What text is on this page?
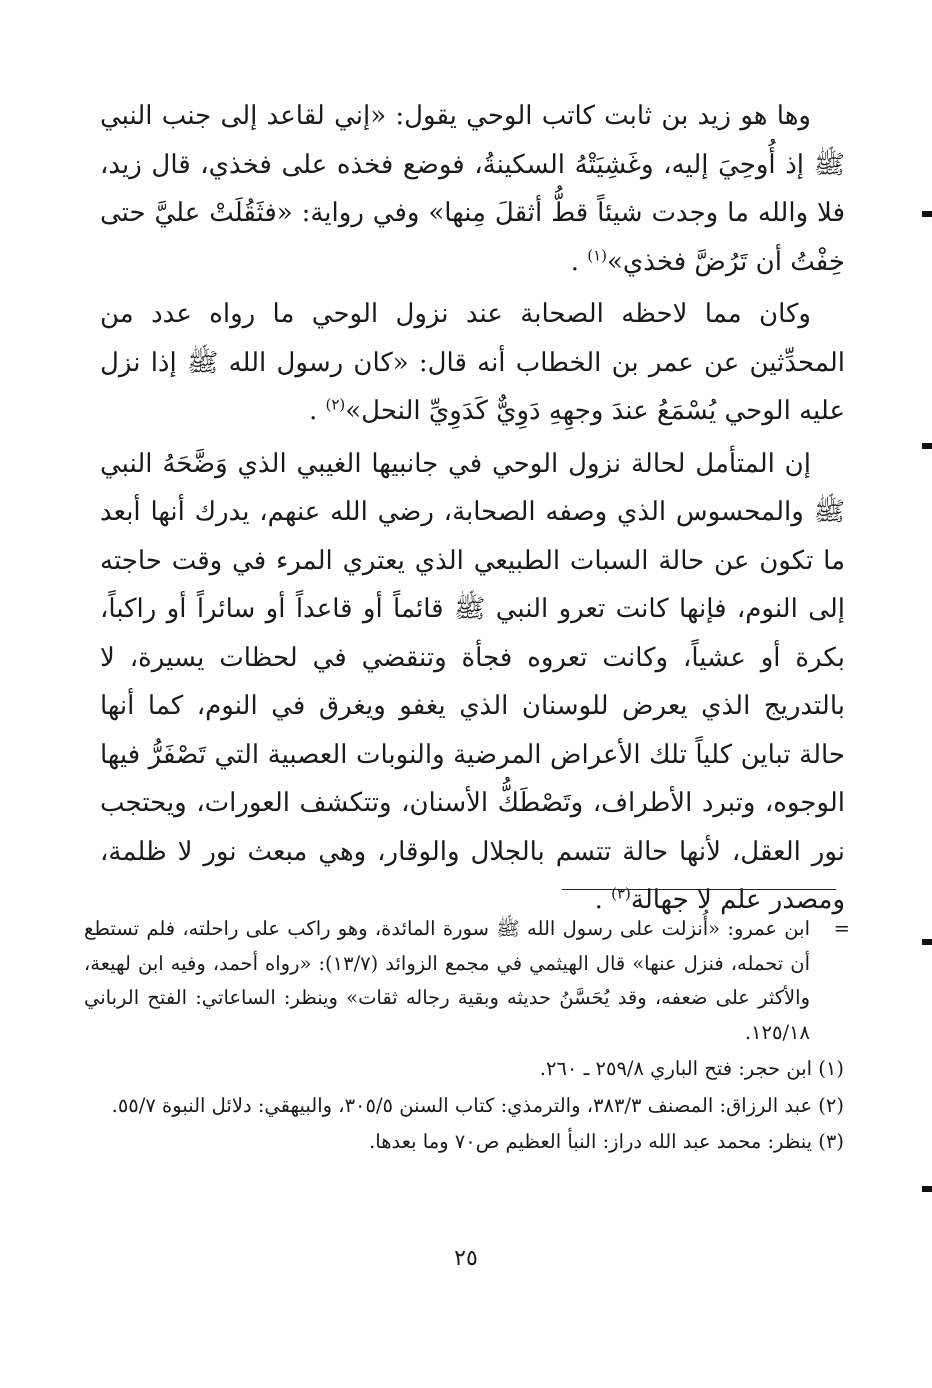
وها هو زيد بن ثابت كاتب الوحي يقول: «إني لقاعد إلى جنب النبي ﷺ إذ أُوحِيَ إليه، وغَشِيَتْهُ السكينةُ، فوضع فخذه على فخذي، قال زيد، فلا والله ما وجدت شيئاً قطُّ أثقلَ مِنها» وفي رواية: «فثَقُلَتْ عليَّ حتى خِفْتُ أن تَرُضَّ فخذي»$^{(١)}$ .

وكان مما لاحظه الصحابة عند نزول الوحي ما رواه عدد من المحدِّثين عن عمر بن الخطاب أنه قال: «كان رسول الله ﷺ إذا نزل عليه الوحي يُسْمَعُ عندَ وجهِهِ دَوِيٌّ كَدَوِيِّ النحل»$^{(٢)}$ .

إن المتأمل لحالة نزول الوحي في جانبيها الغيبي الذي وَضَّحَهُ النبي ﷺ والمحسوس الذي وصفه الصحابة، رضي الله عنهم، يدرك أنها أبعد ما تكون عن حالة السبات الطبيعي الذي يعتري المرء في وقت حاجته إلى النوم، فإنها كانت تعرو النبي ﷺ قائماً أو قاعداً أو سائراً أو راكباً، بكرة أو عشياً، وكانت تعروه فجأة وتنقضي في لحظات يسيرة، لا بالتدريج الذي يعرض للوسنان الذي يغفو ويغرق في النوم، كما أنها حالة تباين كلياً تلك الأعراض المرضية والنوبات العصبية التي تَصْفَرُّ فيها الوجوه، وتبرد الأطراف، وتَصْطَكُّ الأسنان، وتتكشف العورات، ويحتجب نور العقل، لأنها حالة تتسم بالجلال والوقار، وهي مبعث نور لا ظلمة، ومصدر علم لا جهالة$^{(٣)}$ .

=
ابن عمرو: «أُنزلت على رسول الله ﷺ سورة المائدة، وهو راكب على راحلته، فلم تستطع أن تحمله، فنزل عنها» قال الهيثمي في مجمع الزوائد (١٣/٧): «رواه أحمد، وفيه ابن لهيعة، والأكثر على ضعفه، وقد يُحَسَّنُ حديثه وبقية رجاله ثقات» وينظر: الساعاتي: الفتح الرباني ١٢٥/١٨.
(١) ابن حجر: فتح الباري ٢٥٩/٨ ـ ٢٦٠.
(٢) عبد الرزاق: المصنف ٣٨٣/٣، والترمذي: كتاب السنن ٣٠٥/٥، والبيهقي: دلائل النبوة ٥٥/٧.
(٣) ينظر: محمد عبد الله دراز: النبأ العظيم ص٧٠ وما بعدها.
٢٥
